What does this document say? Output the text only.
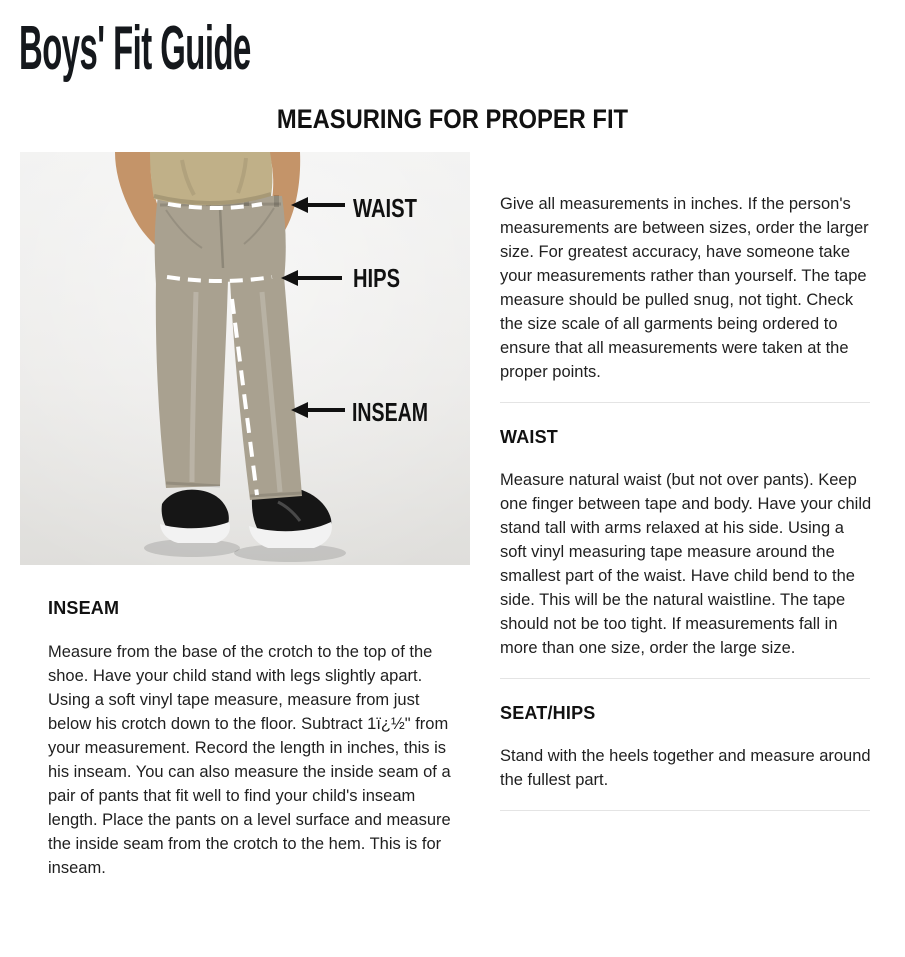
Boys' Fit Guide
MEASURING FOR PROPER FIT
WAIST
HIPS
INSEAM
INSEAM

Measure from the base of the crotch to the top of the shoe. Have your child stand with legs slightly apart. Using a soft vinyl tape measure, measure from just below his crotch down to the floor. Subtract 1ï¿½" from your measurement. Record the length in inches, this is his inseam. You can also measure the inside seam of a pair of pants that fit well to find your child's inseam length. Place the pants on a level surface and measure the inside seam from the crotch to the hem. This is for inseam.

Give all measurements in inches. If the person's measurements are between sizes, order the larger size. For greatest accuracy, have someone take your measurements rather than yourself. The tape measure should be pulled snug, not tight. Check the size scale of all garments being ordered to ensure that all measurements were taken at the proper points.

WAIST

Measure natural waist (but not over pants). Keep one finger between tape and body. Have your child stand tall with arms relaxed at his side. Using a soft vinyl measuring tape measure around the smallest part of the waist. Have child bend to the side. This will be the natural waistline. The tape should not be too tight. If measurements fall in more than one size, order the large size.

SEAT/HIPS

Stand with the heels together and measure around the fullest part.
